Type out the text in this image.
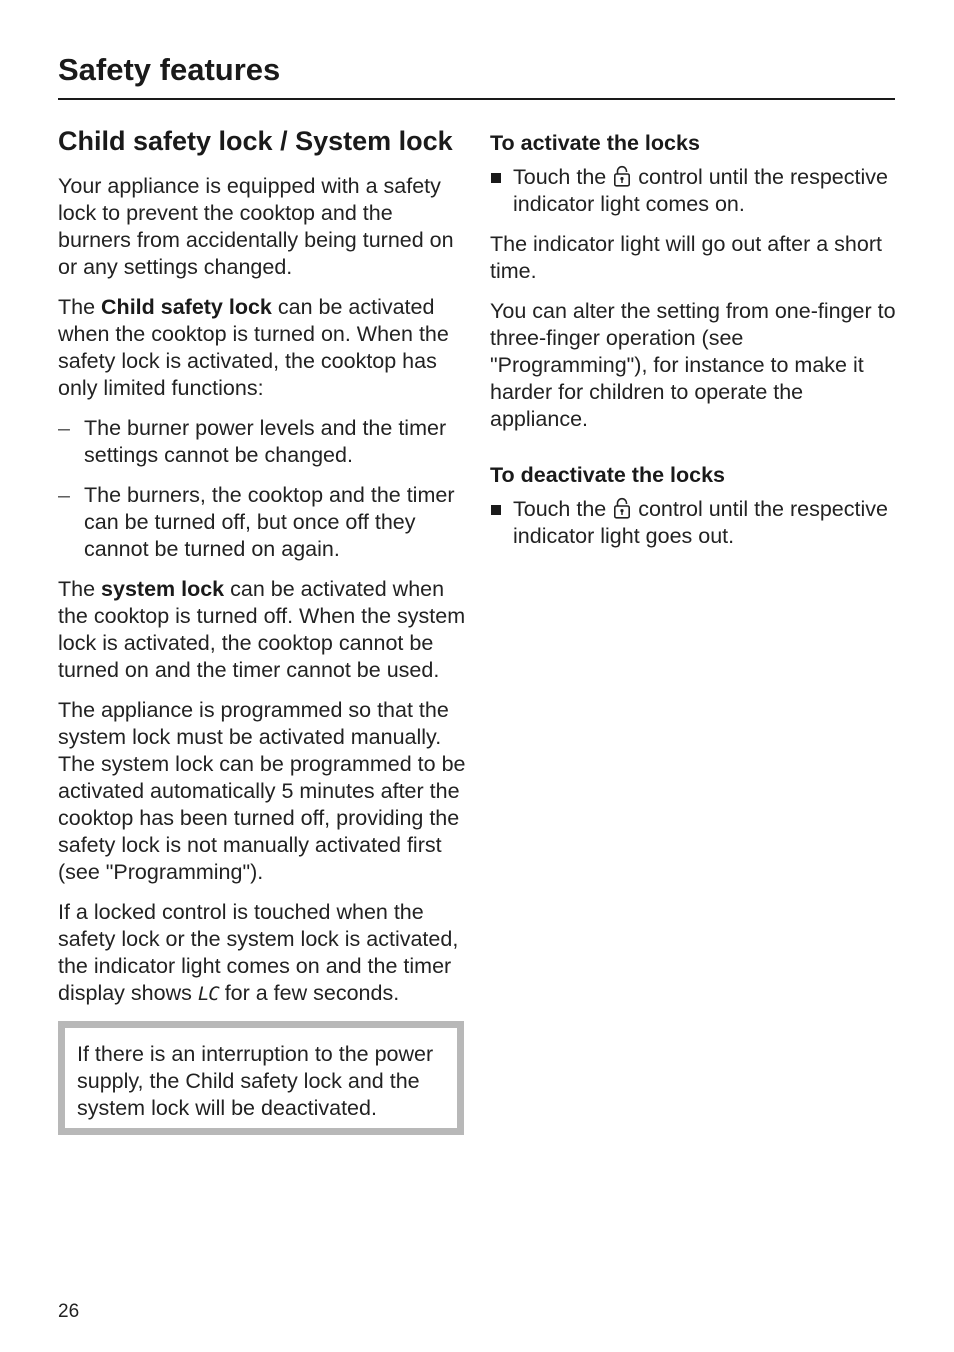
Safety features
Child safety lock / System lock

Your appliance is equipped with a safety lock to prevent the cooktop and the burners from accidentally being turned on or any settings changed.

The Child safety lock can be activated when the cooktop is turned on. When the safety lock is activated, the cooktop has only limited functions:

– The burner power levels and the timer settings cannot be changed.
– The burners, the cooktop and the timer can be turned off, but once off they cannot be turned on again.

The system lock can be activated when the cooktop is turned off. When the system lock is activated, the cooktop cannot be turned on and the timer cannot be used.

The appliance is programmed so that the system lock must be activated manually.
The system lock can be programmed to be activated automatically 5 minutes after the cooktop has been turned off, providing the safety lock is not manually activated first (see "Programming").

If a locked control is touched when the safety lock or the system lock is activated, the indicator light comes on and the timer display shows LC for a few seconds.

If there is an interruption to the power supply, the Child safety lock and the system lock will be deactivated.

To activate the locks
Touch the  control until the respective indicator light comes on.

The indicator light will go out after a short time.

You can alter the setting from one-finger to three-finger operation (see "Programming"), for instance to make it harder for children to operate the appliance.

To deactivate the locks
Touch the  control until the respective indicator light goes out.
26
